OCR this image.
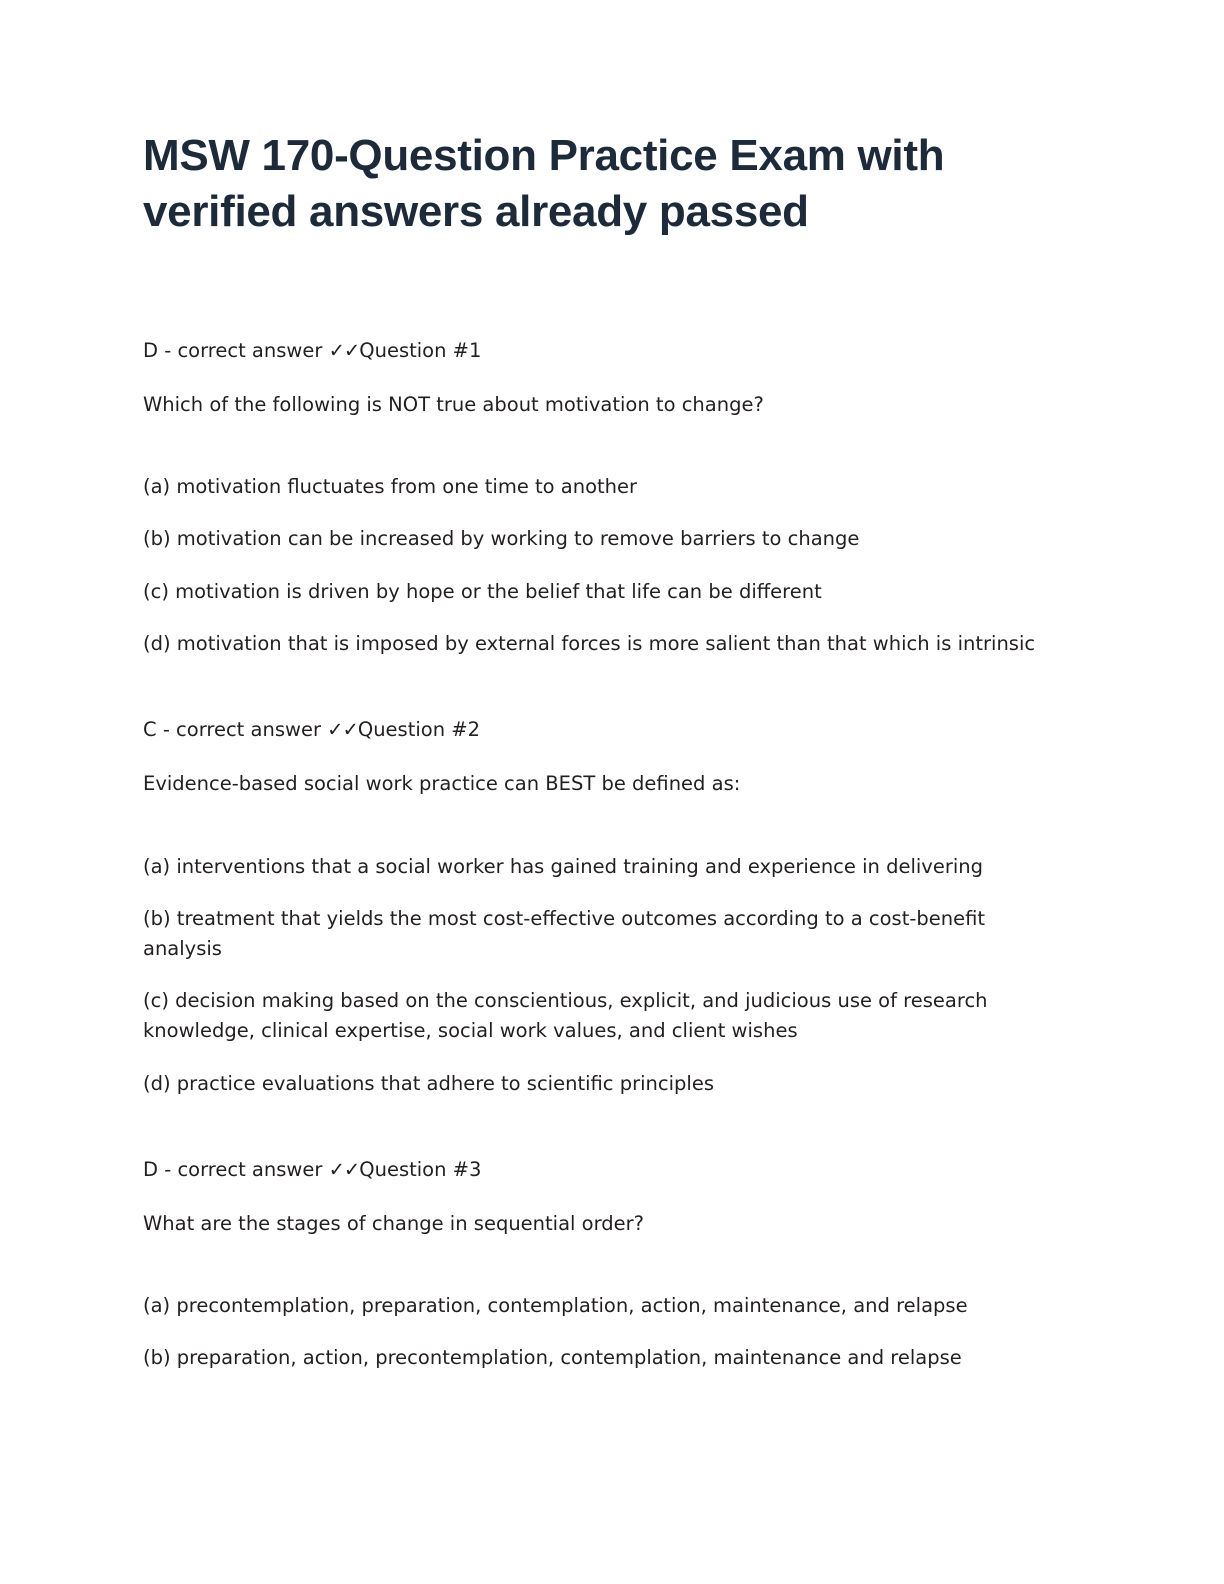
MSW 170-Question Practice Exam with verified answers already passed

D - correct answer ✓✓Question #1

Which of the following is NOT true about motivation to change?

(a) motivation fluctuates from one time to another

(b) motivation can be increased by working to remove barriers to change

(c) motivation is driven by hope or the belief that life can be different

(d) motivation that is imposed by external forces is more salient than that which is intrinsic

C - correct answer ✓✓Question #2

Evidence-based social work practice can BEST be defined as:

(a) interventions that a social worker has gained training and experience in delivering

(b) treatment that yields the most cost-effective outcomes according to a cost-benefit analysis

(c) decision making based on the conscientious, explicit, and judicious use of research knowledge, clinical expertise, social work values, and client wishes

(d) practice evaluations that adhere to scientific principles

D - correct answer ✓✓Question #3

What are the stages of change in sequential order?

(a) precontemplation, preparation, contemplation, action, maintenance, and relapse

(b) preparation, action, precontemplation, contemplation, maintenance and relapse
